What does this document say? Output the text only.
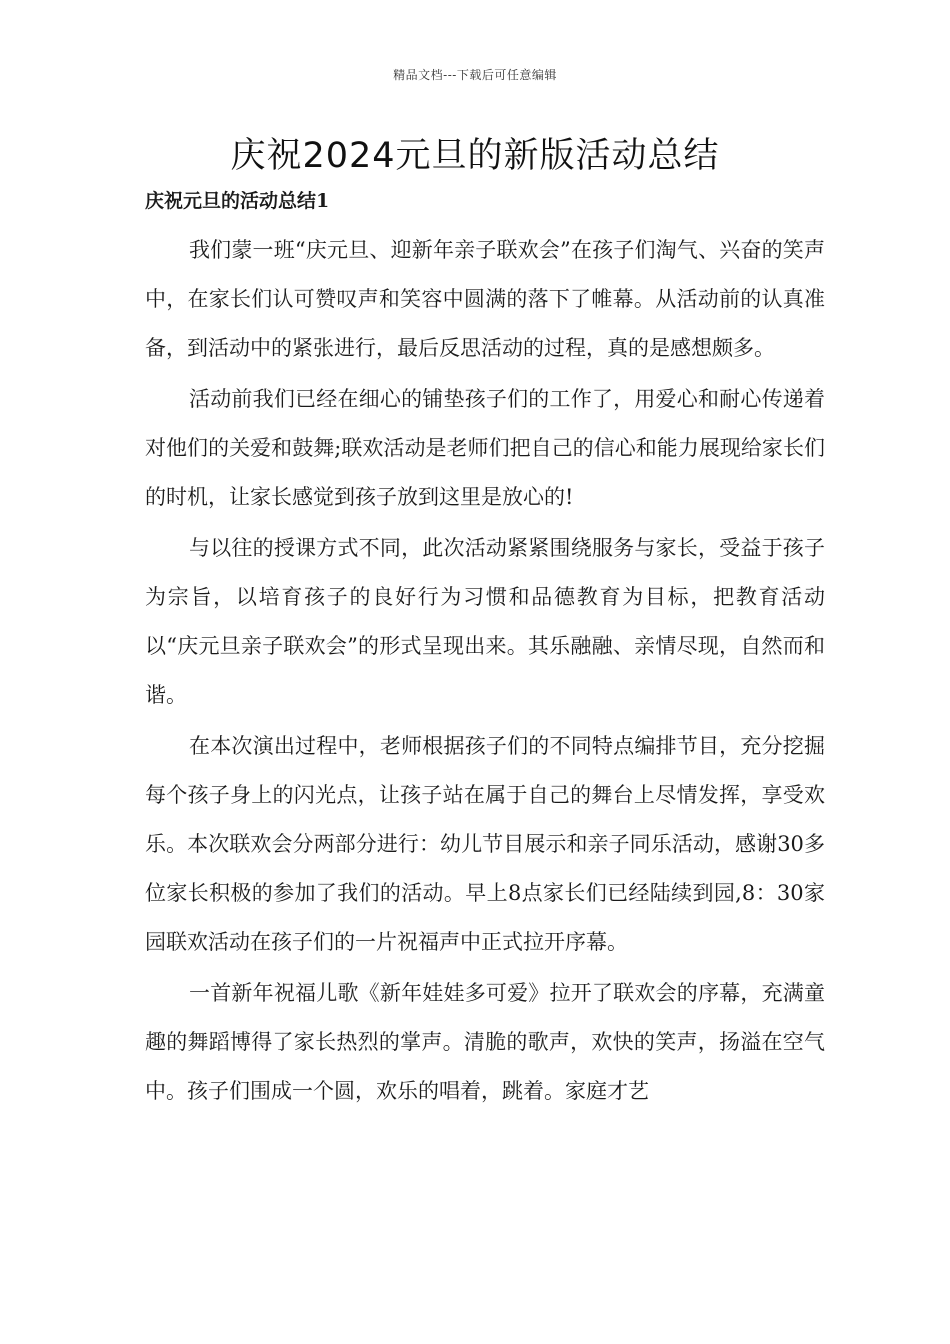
精品文档---下载后可任意编辑
庆祝2024元旦的新版活动总结
庆祝元旦的活动总结1

我们蒙一班“庆元旦、迎新年亲子联欢会”在孩子们淘气、兴奋的笑声中，在家长们认可赞叹声和笑容中圆满的落下了帷幕。从活动前的认真准备，到活动中的紧张进行，最后反思活动的过程，真的是感想颇多。

活动前我们已经在细心的铺垫孩子们的工作了，用爱心和耐心传递着对他们的关爱和鼓舞;联欢活动是老师们把自己的信心和能力展现给家长们的时机，让家长感觉到孩子放到这里是放心的!

与以往的授课方式不同，此次活动紧紧围绕服务与家长，受益于孩子为宗旨，以培育孩子的良好行为习惯和品德教育为目标，把教育活动以“庆元旦亲子联欢会”的形式呈现出来。其乐融融、亲情尽现，自然而和谐。

在本次演出过程中，老师根据孩子们的不同特点编排节目，充分挖掘每个孩子身上的闪光点，让孩子站在属于自己的舞台上尽情发挥，享受欢乐。本次联欢会分两部分进行：幼儿节目展示和亲子同乐活动，感谢30多位家长积极的参加了我们的活动。早上8点家长们已经陆续到园,8：30家园联欢活动在孩子们的一片祝福声中正式拉开序幕。

一首新年祝福儿歌《新年娃娃多可爱》拉开了联欢会的序幕，充满童趣的舞蹈博得了家长热烈的掌声。清脆的歌声，欢快的笑声，扬溢在空气中。孩子们围成一个圆，欢乐的唱着，跳着。家庭才艺
